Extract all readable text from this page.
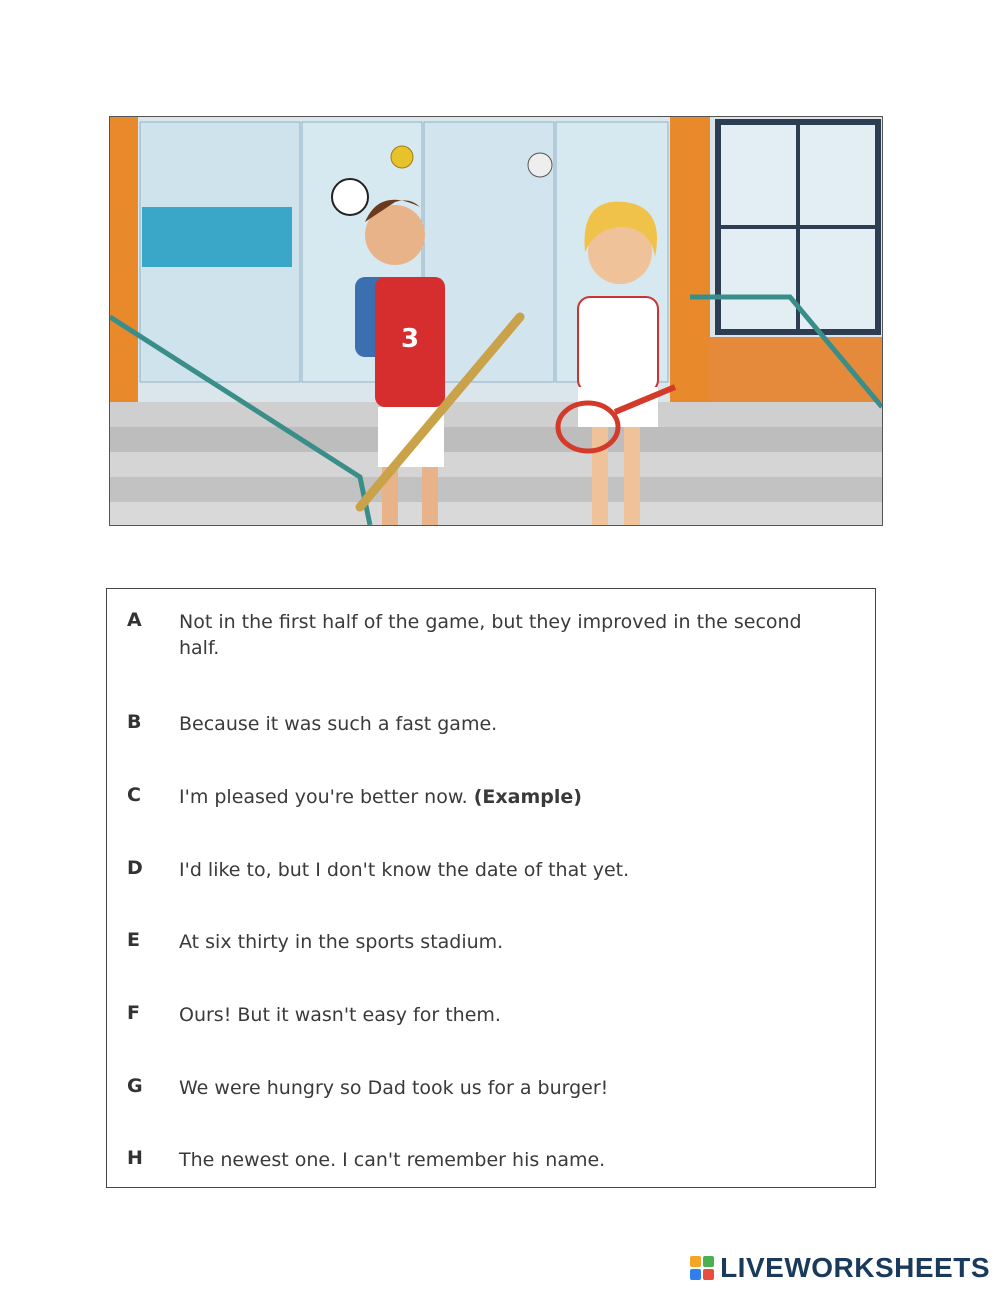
3
A Not in the first half of the game, but they improved in the second half.
B Because it was such a fast game.
C I'm pleased you're better now. (Example)
D I'd like to, but I don't know the date of that yet.
E At six thirty in the sports stadium.
F Ours! But it wasn't easy for them.
G We were hungry so Dad took us for a burger!
H The newest one. I can't remember his name.
LIVEWORKSHEETS
